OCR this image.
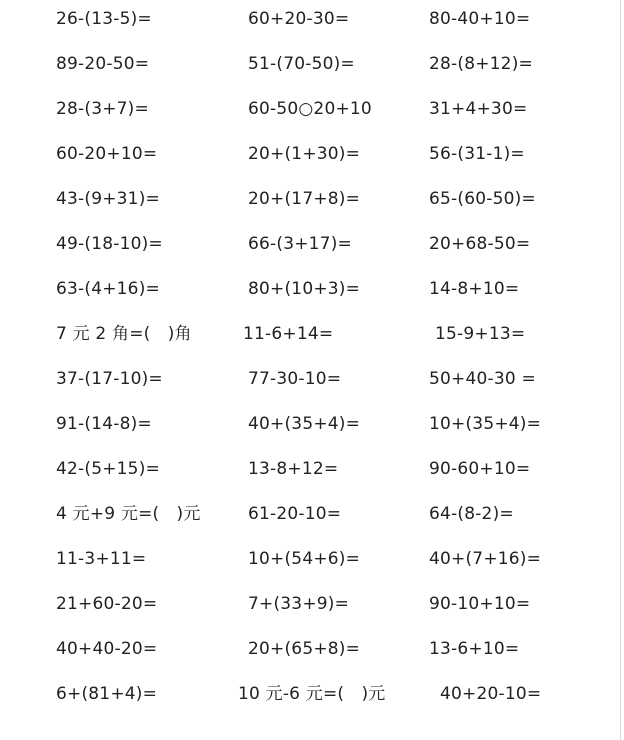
26-(13-5)=	60+20-30=	80-40+10=
89-20-50=	51-(70-50)=	28-(8+12)=
28-(3+7)=	60-50○20+10	31+4+30=
60-20+10=	20+(1+30)=	56-(31-1)=
43-(9+31)=	20+(17+8)=	65-(60-50)=
49-(18-10)=	66-(3+17)=	20+68-50=
63-(4+16)=	80+(10+3)=	14-8+10=
7 元 2 角=(　)角	11-6+14=	15-9+13=
37-(17-10)=	77-30-10=	50+40-30 =
91-(14-8)=	40+(35+4)=	10+(35+4)=
42-(5+15)=	13-8+12=	90-60+10=
4 元+9 元=(　)元	61-20-10=	64-(8-2)=
11-3+11=	10+(54+6)=	40+(7+16)=
21+60-20=	7+(33+9)=	90-10+10=
40+40-20=	20+(65+8)=	13-6+10=
6+(81+4)=	10 元-6 元=(　)元	40+20-10=
